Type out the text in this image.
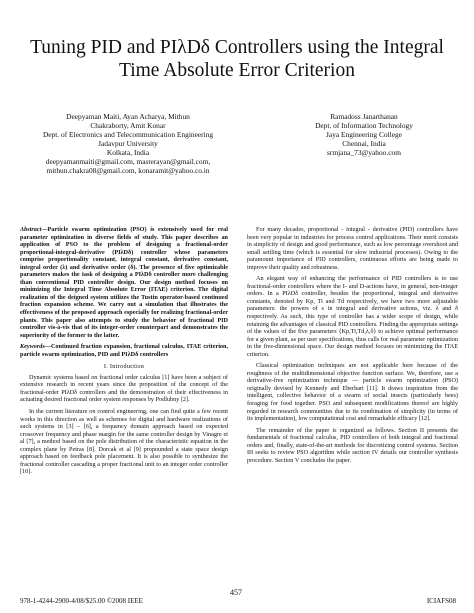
Tuning PID and PIλDδ Controllers using the Integral
Time Absolute Error Criterion
Deepyaman Maiti, Ayan Acharya, Mithun
Chakraborty, Amit Konar
Dept. of Electronics and Telecommunication Engineering
Jadavpur University
Kolkata, India
deepyamanmaiti@gmail.com, masterayan@gmail.com,
mithun.chakra08@gmail.com, konaramit@yahoo.co.in
Ramadoss Janarthanan
Dept. of Information Technology
Jaya Engineering College
Chennai, India
srmjana_73@yahoo.com
Abstract—Particle swarm optimization (PSO) is extensively used for real parameter optimization in diverse fields of study. This paper describes an application of PSO to the problem of designing a fractional-order proportional-integral-derivative (PIλDδ) controller whose parameters comprise proportionality constant, integral constant, derivative constant, integral order (λ) and derivative order (δ). The presence of five optimizable parameters makes the task of designing a PIλDδ controller more challenging than conventional PID controller design. Our design method focuses on minimizing the Integral Time Absolute Error (ITAE) criterion. The digital realization of the deigned system utilizes the Tustin operator-based continued fraction expansion scheme. We carry out a simulation that illustrates the effectiveness of the proposed approach especially for realizing fractional-order plants. This paper also attempts to study the behavior of fractional PID controller vis-à-vis that of its integer-order counterpart and demonstrates the superiority of the former to the latter.
Keywords—Continued fraction expansion, fractional calculus, ITAE criterion, particle swarm optimization, PID and PIλDδ controllers
I. Introduction

Dynamic systems based on fractional order calculus [1] have been a subject of extensive research in recent years since the proposition of the concept of the fractional-order PIλDδ controllers and the demonstration of their effectiveness in actuating desired fractional order system responses by Podlubny [2].

In the current literature on control engineering, one can find quite a few recent works in this direction as well as schemes for digital and hardware realizations of such systems in [3] – [6], a frequency domain approach based on expected crossover frequency and phase margin for the same controller design by Vinagre et al [7], a method based on the pole distribution of the characteristic equation in the complex plane by Petras [8]. Dorcak et al [9] propounded a state space design approach based on feedback pole placement. It is also possible to synthesize the fractional controller cascading a proper fractional unit to an integer order controller [10].

For many decades, proportional - integral - derivative (PID) controllers have been very popular in industries for process control applications. Their merit consists in simplicity of design and good performance, such as low percentage overshoot and small settling time (which is essential for slow industrial processes). Owing to the paramount importance of PID controllers, continuous efforts are being made to improve their quality and robustness.

An elegant way of enhancing the performance of PID controllers is to use fractional-order controllers where the I- and D-actions have, in general, non-integer orders. In a PIλDδ controller, besides the proportional, integral and derivative constants, denoted by Kp, Ti and Td respectively, we have two more adjustable parameters: the powers of s in integral and derivative actions, viz. λ and δ respectively. As such, this type of controller has a wider scope of design, while retaining the advantages of classical PID controllers. Finding the appropriate settings of the values of the five parameters {Kp,Ti,Td,λ,δ} to achieve optimal performance for a given plant, as per user specifications, thus calls for real parameter optimization in the five-dimensional space. Our design method focuses on minimizing the ITAE criterion.

Classical optimization techniques are not applicable here because of the roughness of the multidimensional objective function surface. We, therefore, use a derivative-free optimization technique — particle swarm optimization (PSO) originally devised by Kennedy and Eberhart [11]. It draws inspiration from the intelligent, collective behavior of a swarm of social insects (particularly bees) foraging for food together. PSO and subsequent modifications thereof are highly regarded in research communities due to its combination of simplicity (in terms of its implementation), low computational cost and remarkable efficacy [12].

The remainder of the paper is organized as follows. Section II presents the fundamentals of fractional calculus, PID controllers of both integral and fractional orders and, finally, state-of-the-art methods for discretizing control systems. Section III seeks to review PSO algorithm while section IV details our controller synthesis procedure. Section V concludes the paper.

978-1-4244-2900-4/08/$25.00 ©2008 IEEE
457
ICIAFS08
